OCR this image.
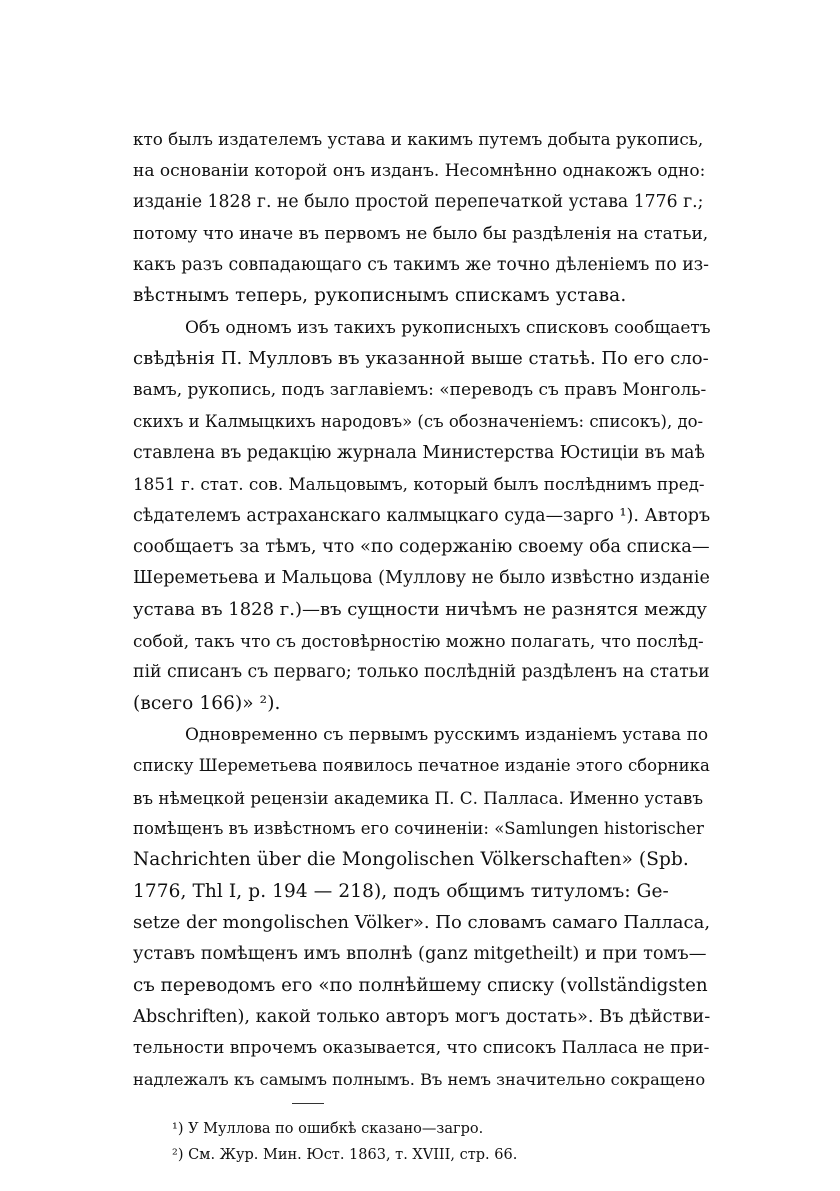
кто былъ издателемъ устава и какимъ путемъ добыта рукопись,
на основаніи которой онъ изданъ. Несомнѣнно однакожъ одно:
изданіе 1828 г. не было простой перепечаткой устава 1776 г.;
потому что иначе въ первомъ не было бы раздѣленія на статьи,
какъ разъ совпадающаго съ такимъ же точно дѣленіемъ по из-
вѣстнымъ теперь, рукописнымъ спискамъ устава.
Объ одномъ изъ такихъ рукописныхъ списковъ сообщаетъ
свѣдѣнія П. Мулловъ въ указанной выше статьѣ. По его сло-
вамъ, рукопись, подъ заглавіемъ: «переводъ съ правъ Монголь-
скихъ и Калмыцкихъ народовъ» (съ обозначеніемъ: списокъ), до-
ставлена въ редакцію журнала Министерства Юстиціи въ маѣ
1851 г. стат. сов. Мальцовымъ, который былъ послѣднимъ пред-
сѣдателемъ астраханскаго калмыцкаго суда—зарго ¹). Авторъ
сообщаетъ за тѣмъ, что «по содержанію своему оба списка—
Шереметьева и Мальцова (Муллову не было извѣстно изданіе
устава въ 1828 г.)—въ сущности ничѣмъ не разнятся между
собой, такъ что съ достовѣрностію можно полагать, что послѣд-
пій списанъ съ перваго; только послѣдній раздѣленъ на статьи
(всего 166)» ²).
Одновременно съ первымъ русскимъ изданіемъ устава по
списку Шереметьева появилось печатное изданіе этого сборника
въ нѣмецкой рецензіи академика П. С. Палласа. Именно уставъ
помѣщенъ въ извѣстномъ его сочиненіи: «Samlungen historischer
Nachrichten über die Mongolischen Völkerschaften» (Spb.
1776, Thl I, p. 194 — 218), подъ общимъ титуломъ: Ge-
setze der mongolischen Völker». По словамъ самаго Палласа,
уставъ помѣщенъ имъ вполнѣ (ganz mitgetheilt) и при томъ—
съ переводомъ его «по полнѣйшему списку (vollständigsten
Abschriften), какой только авторъ могъ достать». Въ дѣйстви-
тельности впрочемъ оказывается, что списокъ Палласа не при-
надлежалъ къ самымъ полнымъ. Въ немъ значительно сокращено
¹) У Муллова по ошибкѣ сказано—загро.
²) См. Жур. Мин. Юст. 1863, т. XVIII, стр. 66.
